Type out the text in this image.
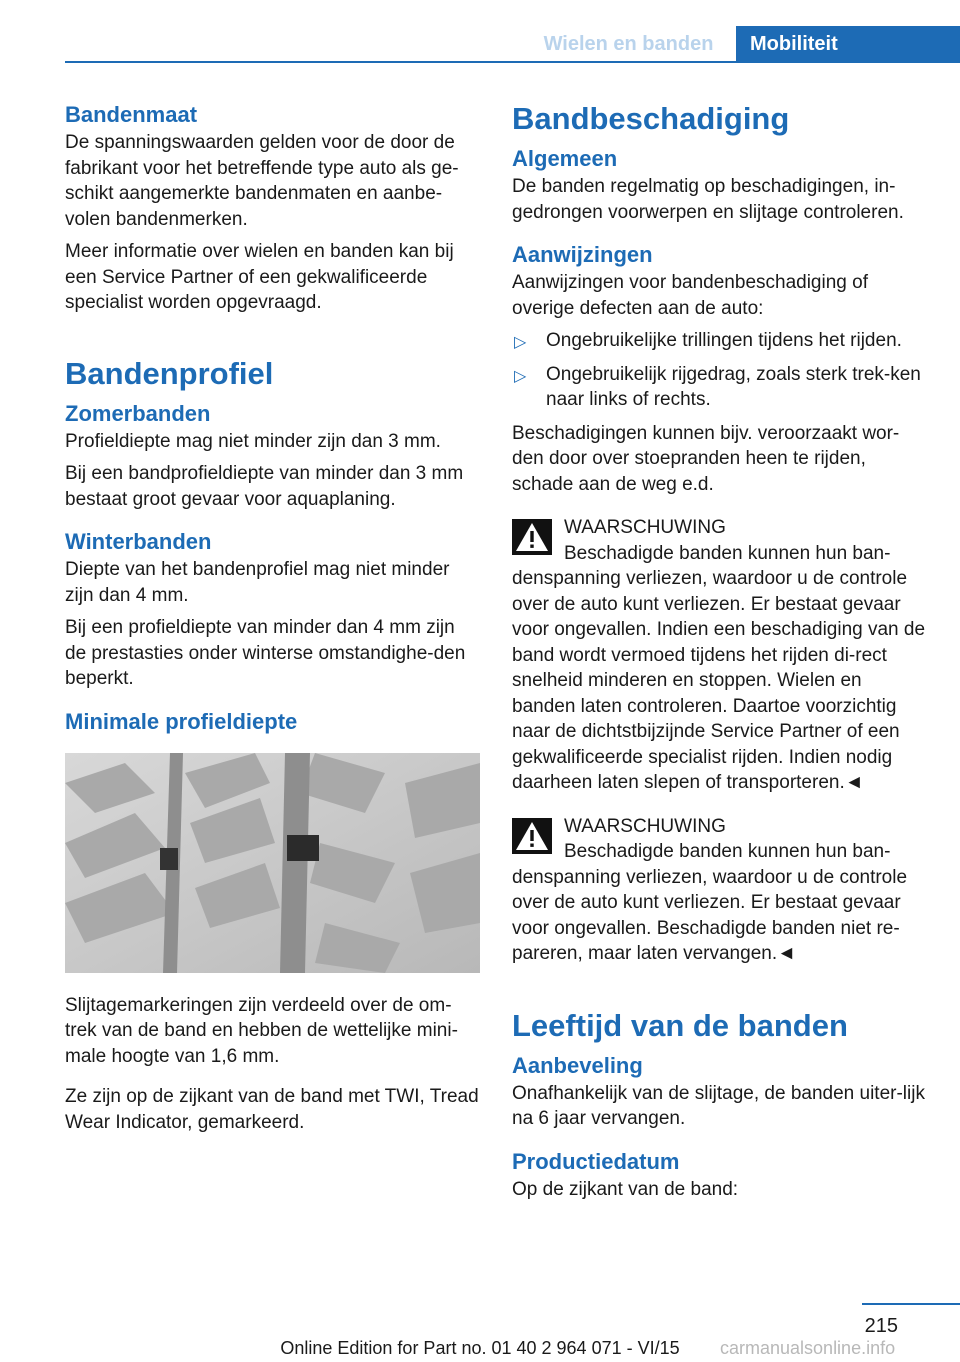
Wielen en banden	Mobiliteit
Bandenmaat

De spanningswaarden gelden voor de door de fabrikant voor het betreffende type auto als ge‐schikt aangemerkte bandenmaten en aanbe‐volen bandenmerken.

Meer informatie over wielen en banden kan bij een Service Partner of een gekwalificeerde specialist worden opgevraagd.

Bandenprofiel
Zomerbanden

Profieldiepte mag niet minder zijn dan 3 mm.

Bij een bandprofieldiepte van minder dan 3 mm bestaat groot gevaar voor aquaplaning.

Winterbanden

Diepte van het bandenprofiel mag niet minder zijn dan 4 mm.

Bij een profieldiepte van minder dan 4 mm zijn de prestasties onder winterse omstandighe‐den beperkt.

Minimale profieldiepte

Slijtagemarkeringen zijn verdeeld over de om‐trek van de band en hebben de wettelijke mini‐male hoogte van 1,6 mm.

Ze zijn op de zijkant van de band met TWI, Tread Wear Indicator, gemarkeerd.

Bandbeschadiging
Algemeen

De banden regelmatig op beschadigingen, in‐gedrongen voorwerpen en slijtage controleren.

Aanwijzingen

Aanwijzingen voor bandenbeschadiging of overige defecten aan de auto:

▷ Ongebruikelijke trillingen tijdens het rijden.
▷ Ongebruikelijk rijgedrag, zoals sterk trek‐ken naar links of rechts.

Beschadigingen kunnen bijv. veroorzaakt wor‐den door over stoepranden heen te rijden, schade aan de weg e.d.

WAARSCHUWING

Beschadigde banden kunnen hun ban‐

denspanning verliezen, waardoor u de controle over de auto kunt verliezen. Er bestaat gevaar voor ongevallen. Indien een beschadiging van de band wordt vermoed tijdens het rijden di‐rect snelheid minderen en stoppen. Wielen en banden laten controleren. Daartoe voorzichtig naar de dichtstbijzijnde Service Partner of een gekwalificeerde specialist rijden. Indien nodig daarheen laten slepen of transporteren.◄

WAARSCHUWING

Beschadigde banden kunnen hun ban‐

denspanning verliezen, waardoor u de controle over de auto kunt verliezen. Er bestaat gevaar voor ongevallen. Beschadigde banden niet re‐pareren, maar laten vervangen.◄

Leeftijd van de banden
Aanbeveling

Onafhankelijk van de slijtage, de banden uiter‐lijk na 6 jaar vervangen.

Productiedatum

Op de zijkant van de band:

215
Online Edition for Part no. 01 40 2 964 071 - VI/15	carmanualsonline.info
